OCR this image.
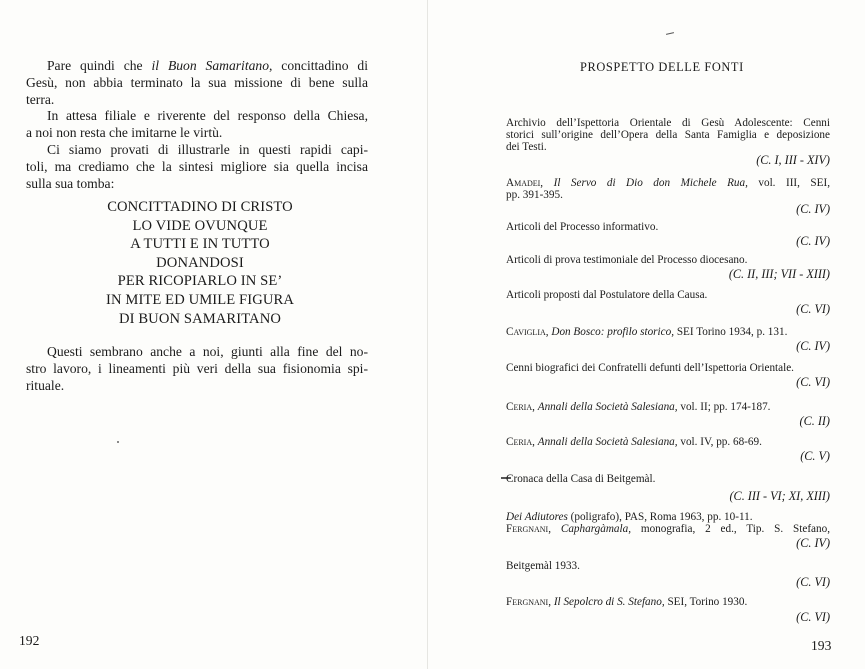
Pare quindi che il Buon Samaritano, concittadino di
Gesù, non abbia terminato la sua missione di bene sulla
terra.

In attesa filiale e riverente del responso della Chiesa,
a noi non resta che imitarne le virtù.

Ci siamo provati di illustrarle in questi rapidi capi-
toli, ma crediamo che la sintesi migliore sia quella incisa
sulla sua tomba:

CONCITTADINO DI CRISTO
LO VIDE OVUNQUE
A TUTTI E IN TUTTO
DONANDOSI
PER RICOPIARLO IN SE’
IN MITE ED UMILE FIGURA
DI BUON SAMARITANO

Questi sembrano anche a noi, giunti alla fine del no-
stro lavoro, i lineamenti più veri della sua fisionomia spi-
rituale.

192
PROSPETTO DELLE FONTI
Archivio dell’Ispettoria Orientale di Gesù Adolescente: Cenni
storici sull’origine dell’Opera della Santa Famiglia e deposizione
dei Testi.
(C. I, III - XIV)
Amadei, Il Servo di Dio don Michele Rua, vol. III, SEI,
pp. 391-395.
(C. IV)
Articoli del Processo informativo.
(C. IV)
Articoli di prova testimoniale del Processo diocesano.
(C. II, III; VII - XIII)
Articoli proposti dal Postulatore della Causa.
(C. VI)
Caviglia, Don Bosco: profilo storico, SEI Torino 1934, p. 131.
(C. IV)
Cenni biografici dei Confratelli defunti dell’Ispettoria Orientale.
(C. VI)
Ceria, Annali della Società Salesiana, vol. II; pp. 174-187.
(C. II)
Ceria, Annali della Società Salesiana, vol. IV, pp. 68-69.
(C. V)
Cronaca della Casa di Beitgemàl.
(C. III - VI; XI, XIII)
Dei Adiutores (poligrafo), PAS, Roma 1963, pp. 10-11.
Fergnani, Caphargàmala, monografia, 2 ed., Tip. S. Stefano,
(C. IV)
Beitgemàl 1933.
(C. VI)
Fergnani, Il Sepolcro di S. Stefano, SEI, Torino 1930.
(C. VI)
193
